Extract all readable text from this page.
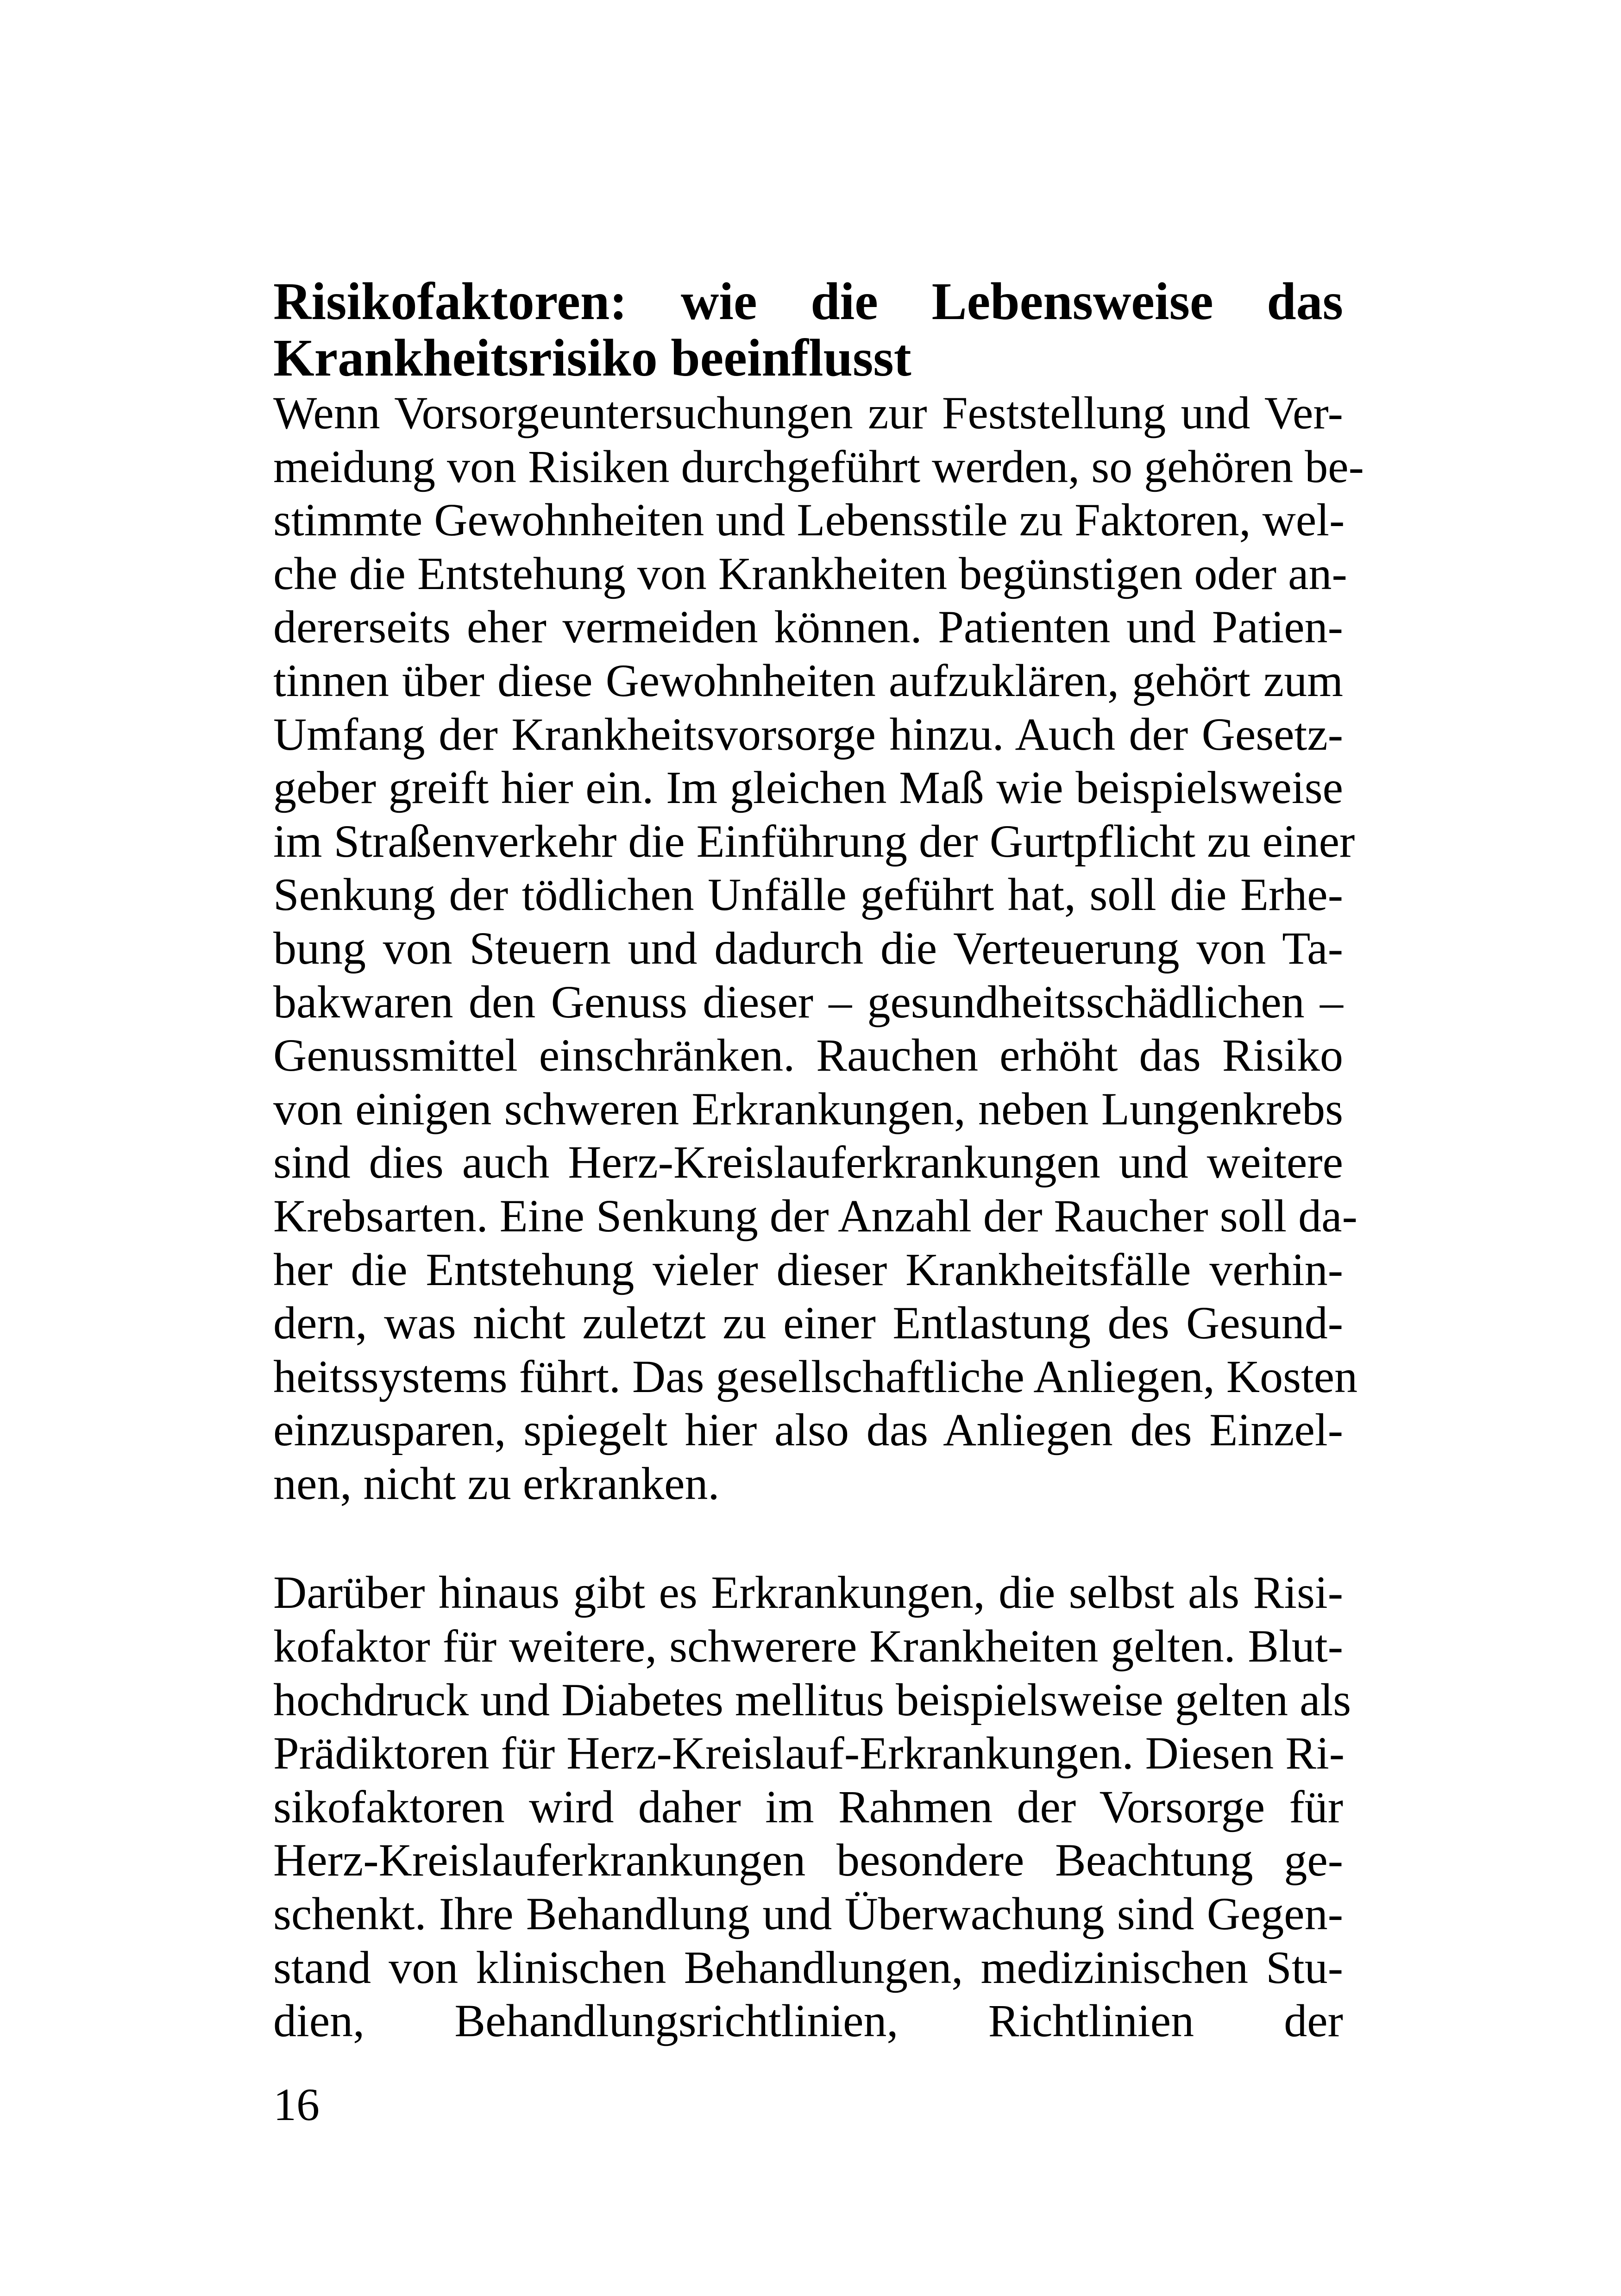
Risikofaktoren: wie die Lebensweise das
Krankheitsrisiko beeinflusst

Wenn Vorsorgeuntersuchungen zur Feststellung und Ver-
meidung von Risiken durchgeführt werden, so gehören be-
stimmte Gewohnheiten und Lebensstile zu Faktoren, wel-
che die Entstehung von Krankheiten begünstigen oder an-
dererseits eher vermeiden können. Patienten und Patien-
tinnen über diese Gewohnheiten aufzuklären, gehört zum
Umfang der Krankheitsvorsorge hinzu. Auch der Gesetz-
geber greift hier ein. Im gleichen Maß wie beispielsweise
im Straßenverkehr die Einführung der Gurtpflicht zu einer
Senkung der tödlichen Unfälle geführt hat, soll die Erhe-
bung von Steuern und dadurch die Verteuerung von Ta-
bakwaren den Genuss dieser – gesundheitsschädlichen –
Genussmittel einschränken. Rauchen erhöht das Risiko
von einigen schweren Erkrankungen, neben Lungenkrebs
sind dies auch Herz-Kreislauferkrankungen und weitere
Krebsarten. Eine Senkung der Anzahl der Raucher soll da-
her die Entstehung vieler dieser Krankheitsfälle verhin-
dern, was nicht zuletzt zu einer Entlastung des Gesund-
heitssystems führt. Das gesellschaftliche Anliegen, Kosten
einzusparen, spiegelt hier also das Anliegen des Einzel-
nen, nicht zu erkranken.

Darüber hinaus gibt es Erkrankungen, die selbst als Risi-
kofaktor für weitere, schwerere Krankheiten gelten. Blut-
hochdruck und Diabetes mellitus beispielsweise gelten als
Prädiktoren für Herz-Kreislauf-Erkrankungen. Diesen Ri-
sikofaktoren wird daher im Rahmen der Vorsorge für
Herz-Kreislauferkrankungen besondere Beachtung ge-
schenkt. Ihre Behandlung und Überwachung sind Gegen-
stand von klinischen Behandlungen, medizinischen Stu-
dien, Behandlungsrichtlinien, Richtlinien der

16
